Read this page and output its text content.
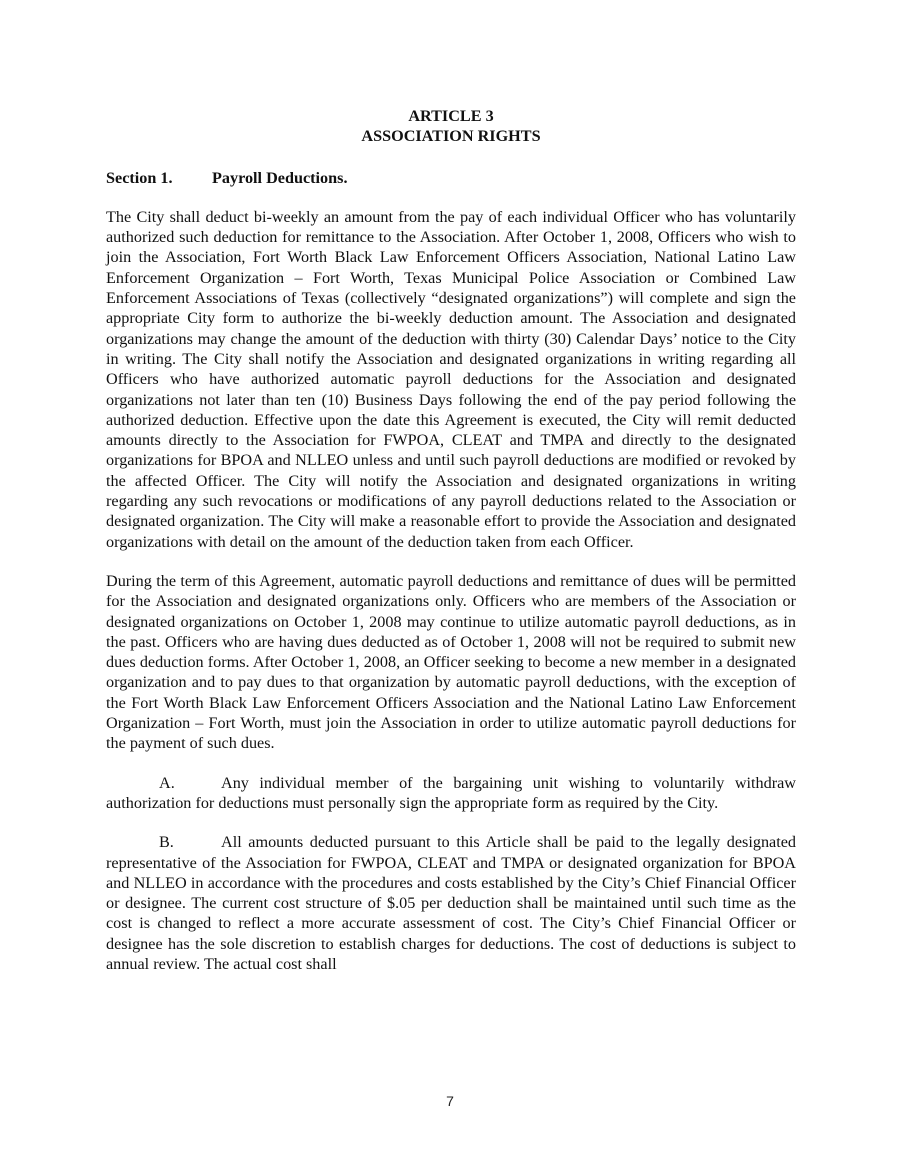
ARTICLE 3
ASSOCIATION RIGHTS
Section 1. Payroll Deductions.

The City shall deduct bi-weekly an amount from the pay of each individual Officer who has voluntarily authorized such deduction for remittance to the Association. After October 1, 2008, Officers who wish to join the Association, Fort Worth Black Law Enforcement Officers Association, National Latino Law Enforcement Organization – Fort Worth, Texas Municipal Police Association or Combined Law Enforcement Associations of Texas (collectively “designated organizations”) will complete and sign the appropriate City form to authorize the bi-weekly deduction amount. The Association and designated organizations may change the amount of the deduction with thirty (30) Calendar Days’ notice to the City in writing. The City shall notify the Association and designated organizations in writing regarding all Officers who have authorized automatic payroll deductions for the Association and designated organizations not later than ten (10) Business Days following the end of the pay period following the authorized deduction. Effective upon the date this Agreement is executed, the City will remit deducted amounts directly to the Association for FWPOA, CLEAT and TMPA and directly to the designated organizations for BPOA and NLLEO unless and until such payroll deductions are modified or revoked by the affected Officer. The City will notify the Association and designated organizations in writing regarding any such revocations or modifications of any payroll deductions related to the Association or designated organization. The City will make a reasonable effort to provide the Association and designated organizations with detail on the amount of the deduction taken from each Officer.

During the term of this Agreement, automatic payroll deductions and remittance of dues will be permitted for the Association and designated organizations only. Officers who are members of the Association or designated organizations on October 1, 2008 may continue to utilize automatic payroll deductions, as in the past. Officers who are having dues deducted as of October 1, 2008 will not be required to submit new dues deduction forms. After October 1, 2008, an Officer seeking to become a new member in a designated organization and to pay dues to that organization by automatic payroll deductions, with the exception of the Fort Worth Black Law Enforcement Officers Association and the National Latino Law Enforcement Organization – Fort Worth, must join the Association in order to utilize automatic payroll deductions for the payment of such dues.

A.	Any individual member of the bargaining unit wishing to voluntarily withdraw authorization for deductions must personally sign the appropriate form as required by the City.

B.	All amounts deducted pursuant to this Article shall be paid to the legally designated representative of the Association for FWPOA, CLEAT and TMPA or designated organization for BPOA and NLLEO in accordance with the procedures and costs established by the City’s Chief Financial Officer or designee. The current cost structure of $.05 per deduction shall be maintained until such time as the cost is changed to reflect a more accurate assessment of cost. The City’s Chief Financial Officer or designee has the sole discretion to establish charges for deductions. The cost of deductions is subject to annual review. The actual cost shall

7
